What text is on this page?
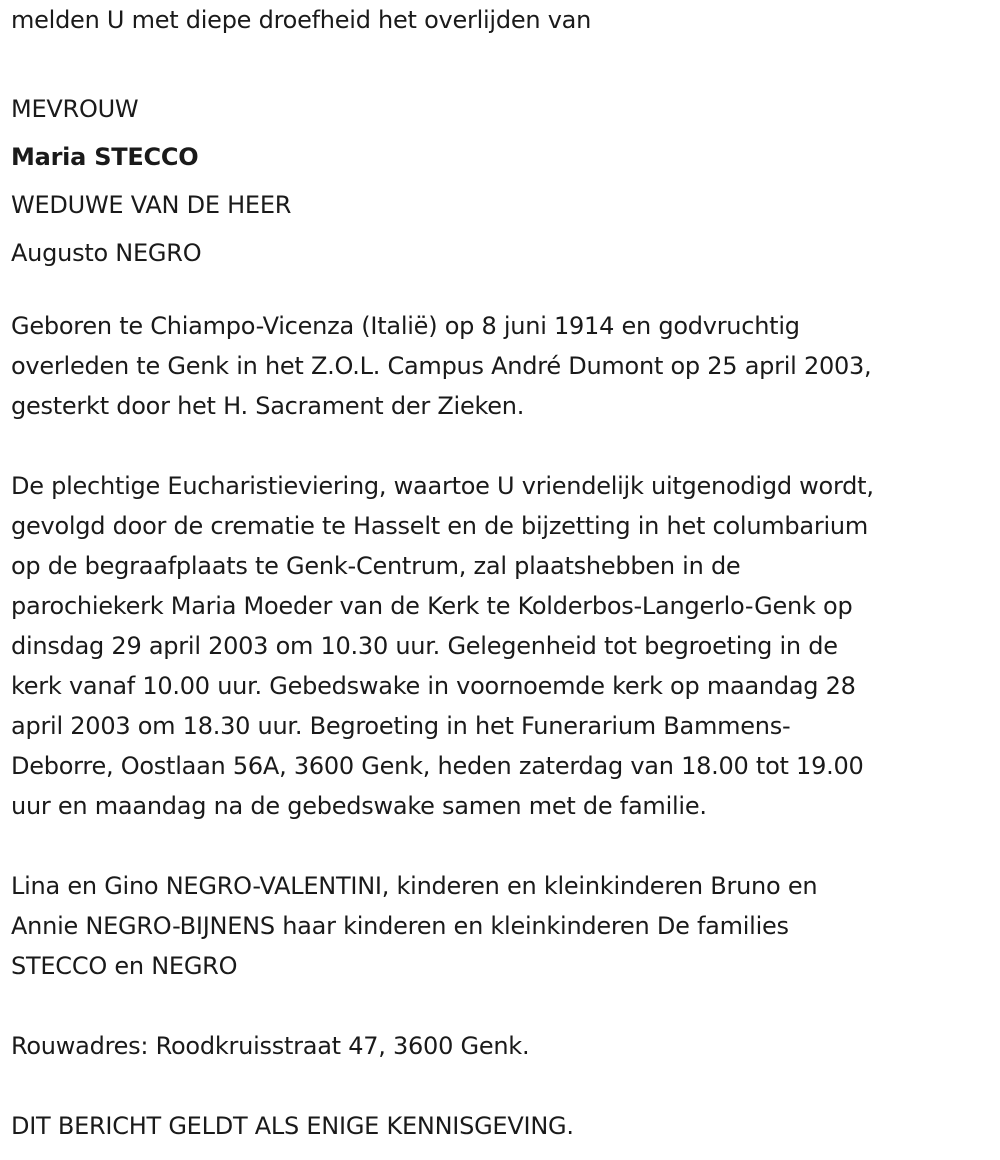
melden U met diepe droefheid het overlijden van
MEVROUW
Maria STECCO
WEDUWE VAN DE HEER
Augusto NEGRO

Geboren te Chiampo-Vicenza (Italië) op 8 juni 1914 en godvruchtig
overleden te Genk in het Z.O.L. Campus André Dumont op 25 april 2003,
gesterkt door het H. Sacrament der Zieken.

De plechtige Eucharistieviering, waartoe U vriendelijk uitgenodigd wordt,
gevolgd door de crematie te Hasselt en de bijzetting in het columbarium
op de begraafplaats te Genk-Centrum, zal plaatshebben in de
parochiekerk Maria Moeder van de Kerk te Kolderbos-Langerlo-Genk op
dinsdag 29 april 2003 om 10.30 uur. Gelegenheid tot begroeting in de
kerk vanaf 10.00 uur. Gebedswake in voornoemde kerk op maandag 28
april 2003 om 18.30 uur. Begroeting in het Funerarium Bammens-
Deborre, Oostlaan 56A, 3600 Genk, heden zaterdag van 18.00 tot 19.00
uur en maandag na de gebedswake samen met de familie.

Lina en Gino NEGRO-VALENTINI, kinderen en kleinkinderen Bruno en
Annie NEGRO-BIJNENS haar kinderen en kleinkinderen De families
STECCO en NEGRO

Rouwadres: Roodkruisstraat 47, 3600 Genk.
DIT BERICHT GELDT ALS ENIGE KENNISGEVING.
